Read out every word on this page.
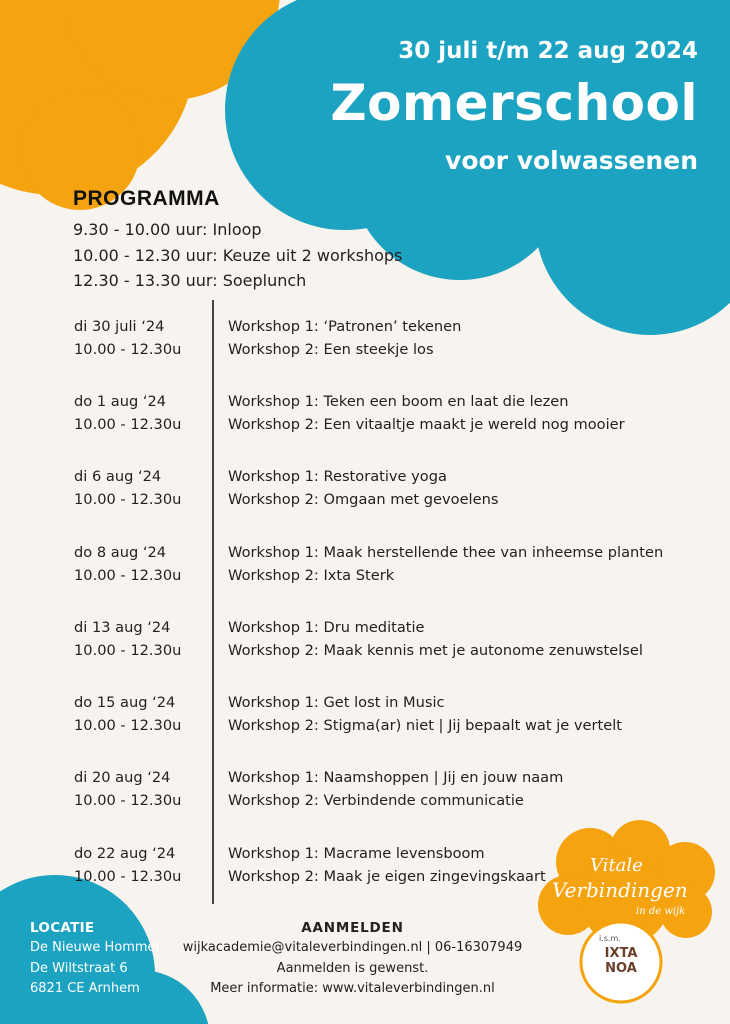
30 juli t/m 22 aug 2024
Zomerschool
voor volwassenen
PROGRAMMA
9.30 - 10.00 uur: Inloop
10.00 - 12.30 uur: Keuze uit 2 workshops
12.30 - 13.30 uur: Soeplunch
di 30 juli ‘24
10.00 - 12.30u
Workshop 1: ‘Patronen’ tekenen
Workshop 2: Een steekje los
do 1 aug ‘24
10.00 - 12.30u
Workshop 1: Teken een boom en laat die lezen
Workshop 2: Een vitaaltje maakt je wereld nog mooier
di 6 aug ‘24
10.00 - 12.30u
Workshop 1: Restorative yoga
Workshop 2: Omgaan met gevoelens
do 8 aug ‘24
10.00 - 12.30u
Workshop 1: Maak herstellende thee van inheemse planten
Workshop 2: Ixta Sterk
di 13 aug ‘24
10.00 - 12.30u
Workshop 1: Dru meditatie
Workshop 2: Maak kennis met je autonome zenuwstelsel
do 15 aug ‘24
10.00 - 12.30u
Workshop 1: Get lost in Music
Workshop 2: Stigma(ar) niet | Jij bepaalt wat je vertelt
di 20 aug ‘24
10.00 - 12.30u
Workshop 1: Naamshoppen | Jij en jouw naam
Workshop 2: Verbindende communicatie
do 22 aug ‘24
10.00 - 12.30u
Workshop 1: Macrame levensboom
Workshop 2: Maak je eigen zingevingskaart
LOCATIE
De Nieuwe Hommel
De Wiltstraat 6
6821 CE Arnhem
AANMELDEN
wijkacademie@vitaleverbindingen.nl | 06-16307949
Aanmelden is gewenst.
Meer informatie: www.vitaleverbindingen.nl
Vitale
Verbindingen
in de wijk
i.s.m.
IXTA
NOA
